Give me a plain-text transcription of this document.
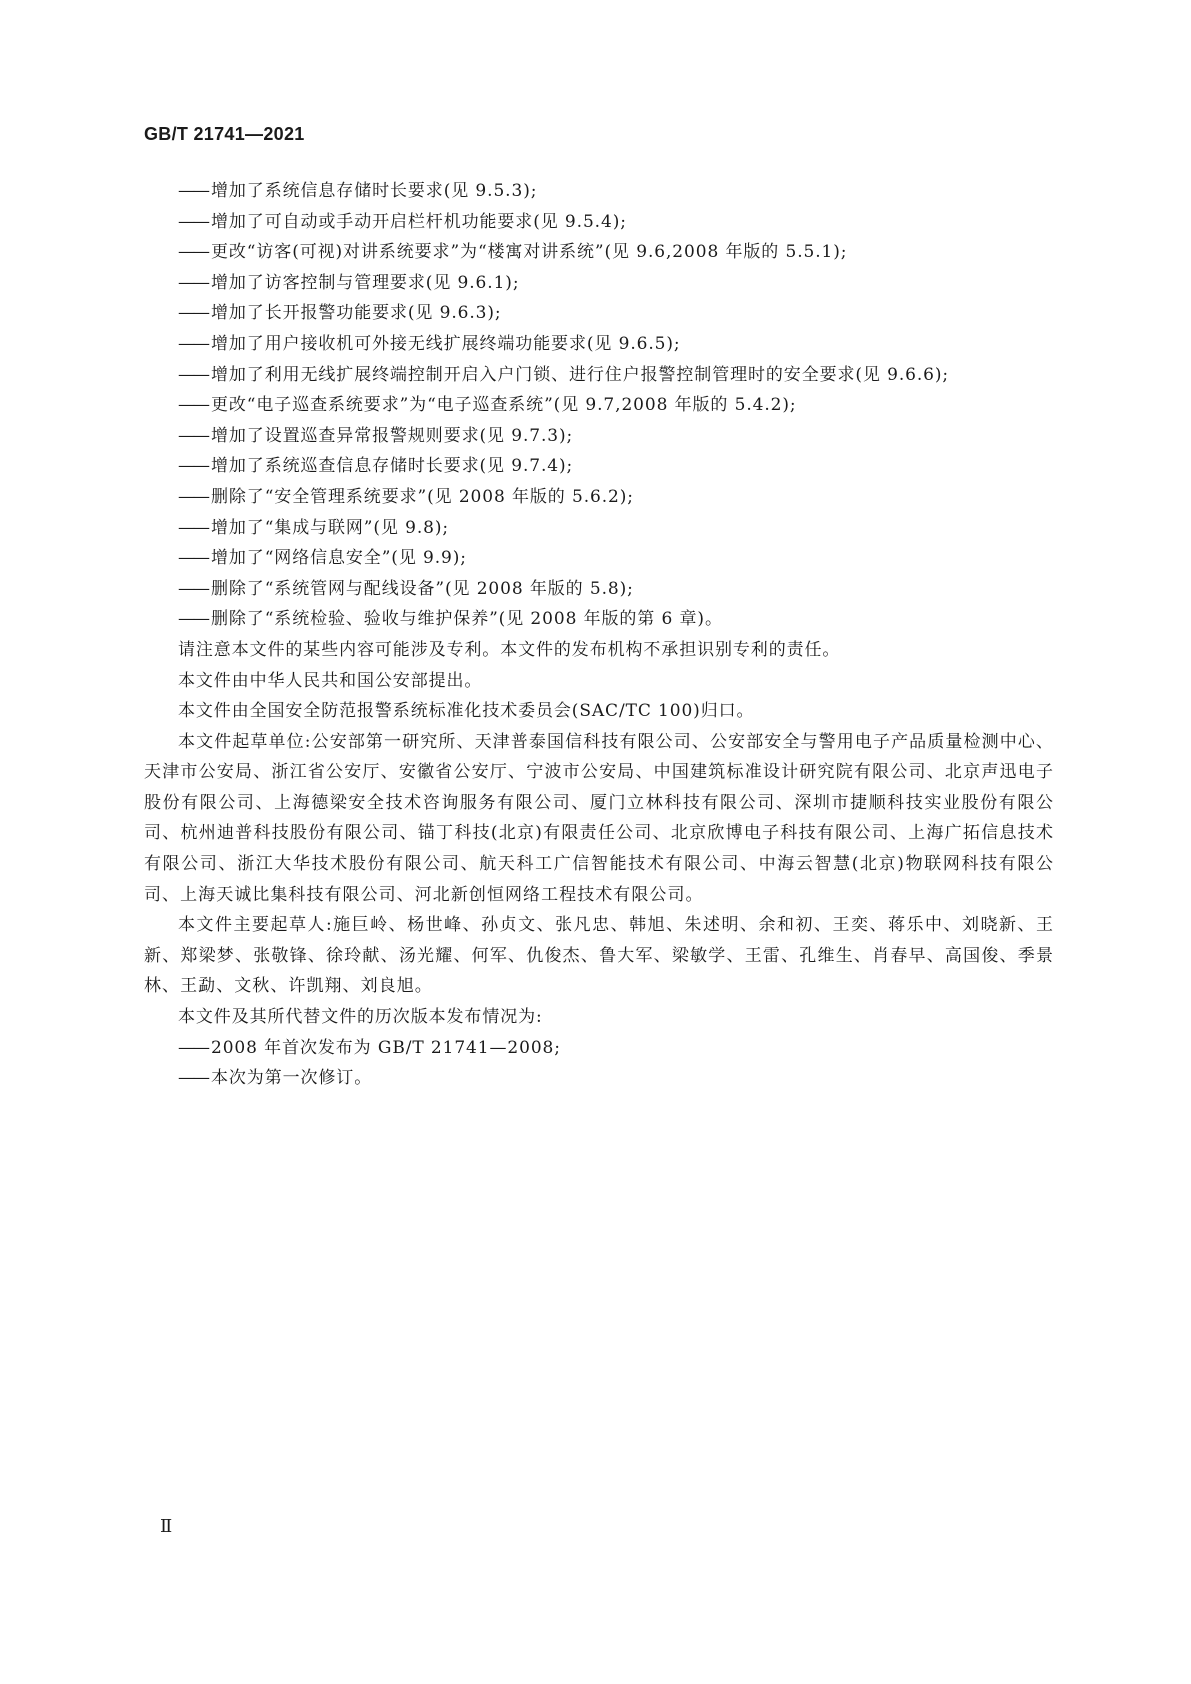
GB/T 21741—2021
—— 增加了系统信息存储时长要求(见 9.5.3);
—— 增加了可自动或手动开启栏杆机功能要求(见 9.5.4);
—— 更改“访客(可视)对讲系统要求”为“楼寓对讲系统”(见 9.6,2008 年版的 5.5.1);
—— 增加了访客控制与管理要求(见 9.6.1);
—— 增加了长开报警功能要求(见 9.6.3);
—— 增加了用户接收机可外接无线扩展终端功能要求(见 9.6.5);
—— 增加了利用无线扩展终端控制开启入户门锁、进行住户报警控制管理时的安全要求(见 9.6.6);
—— 更改“电子巡查系统要求”为“电子巡查系统”(见 9.7,2008 年版的 5.4.2);
—— 增加了设置巡查异常报警规则要求(见 9.7.3);
—— 增加了系统巡查信息存储时长要求(见 9.7.4);
—— 删除了“安全管理系统要求”(见 2008 年版的 5.6.2);
—— 增加了“集成与联网”(见 9.8);
—— 增加了“网络信息安全”(见 9.9);
—— 删除了“系统管网与配线设备”(见 2008 年版的 5.8);
—— 删除了“系统检验、验收与维护保养”(见 2008 年版的第 6 章)。
请注意本文件的某些内容可能涉及专利。本文件的发布机构不承担识别专利的责任。
本文件由中华人民共和国公安部提出。
本文件由全国安全防范报警系统标准化技术委员会(SAC/TC 100)归口。
本文件起草单位:公安部第一研究所、天津普泰国信科技有限公司、公安部安全与警用电子产品质量检测中心、天津市公安局、浙江省公安厅、安徽省公安厅、宁波市公安局、中国建筑标准设计研究院有限公司、北京声迅电子股份有限公司、上海德梁安全技术咨询服务有限公司、厦门立林科技有限公司、深圳市捷顺科技实业股份有限公司、杭州迪普科技股份有限公司、锚丁科技(北京)有限责任公司、北京欣博电子科技有限公司、上海广拓信息技术有限公司、浙江大华技术股份有限公司、航天科工广信智能技术有限公司、中海云智慧(北京)物联网科技有限公司、上海天诚比集科技有限公司、河北新创恒网络工程技术有限公司。
本文件主要起草人:施巨岭、杨世峰、孙贞文、张凡忠、韩旭、朱述明、余和初、王奕、蒋乐中、刘晓新、王新、郑梁梦、张敬锋、徐玲献、汤光耀、何军、仇俊杰、鲁大军、梁敏学、王雷、孔维生、肖春早、高国俊、季景林、王勐、文秋、许凯翔、刘良旭。
本文件及其所代替文件的历次版本发布情况为:
—— 2008 年首次发布为 GB/T 21741—2008;
—— 本次为第一次修订。
Ⅱ
